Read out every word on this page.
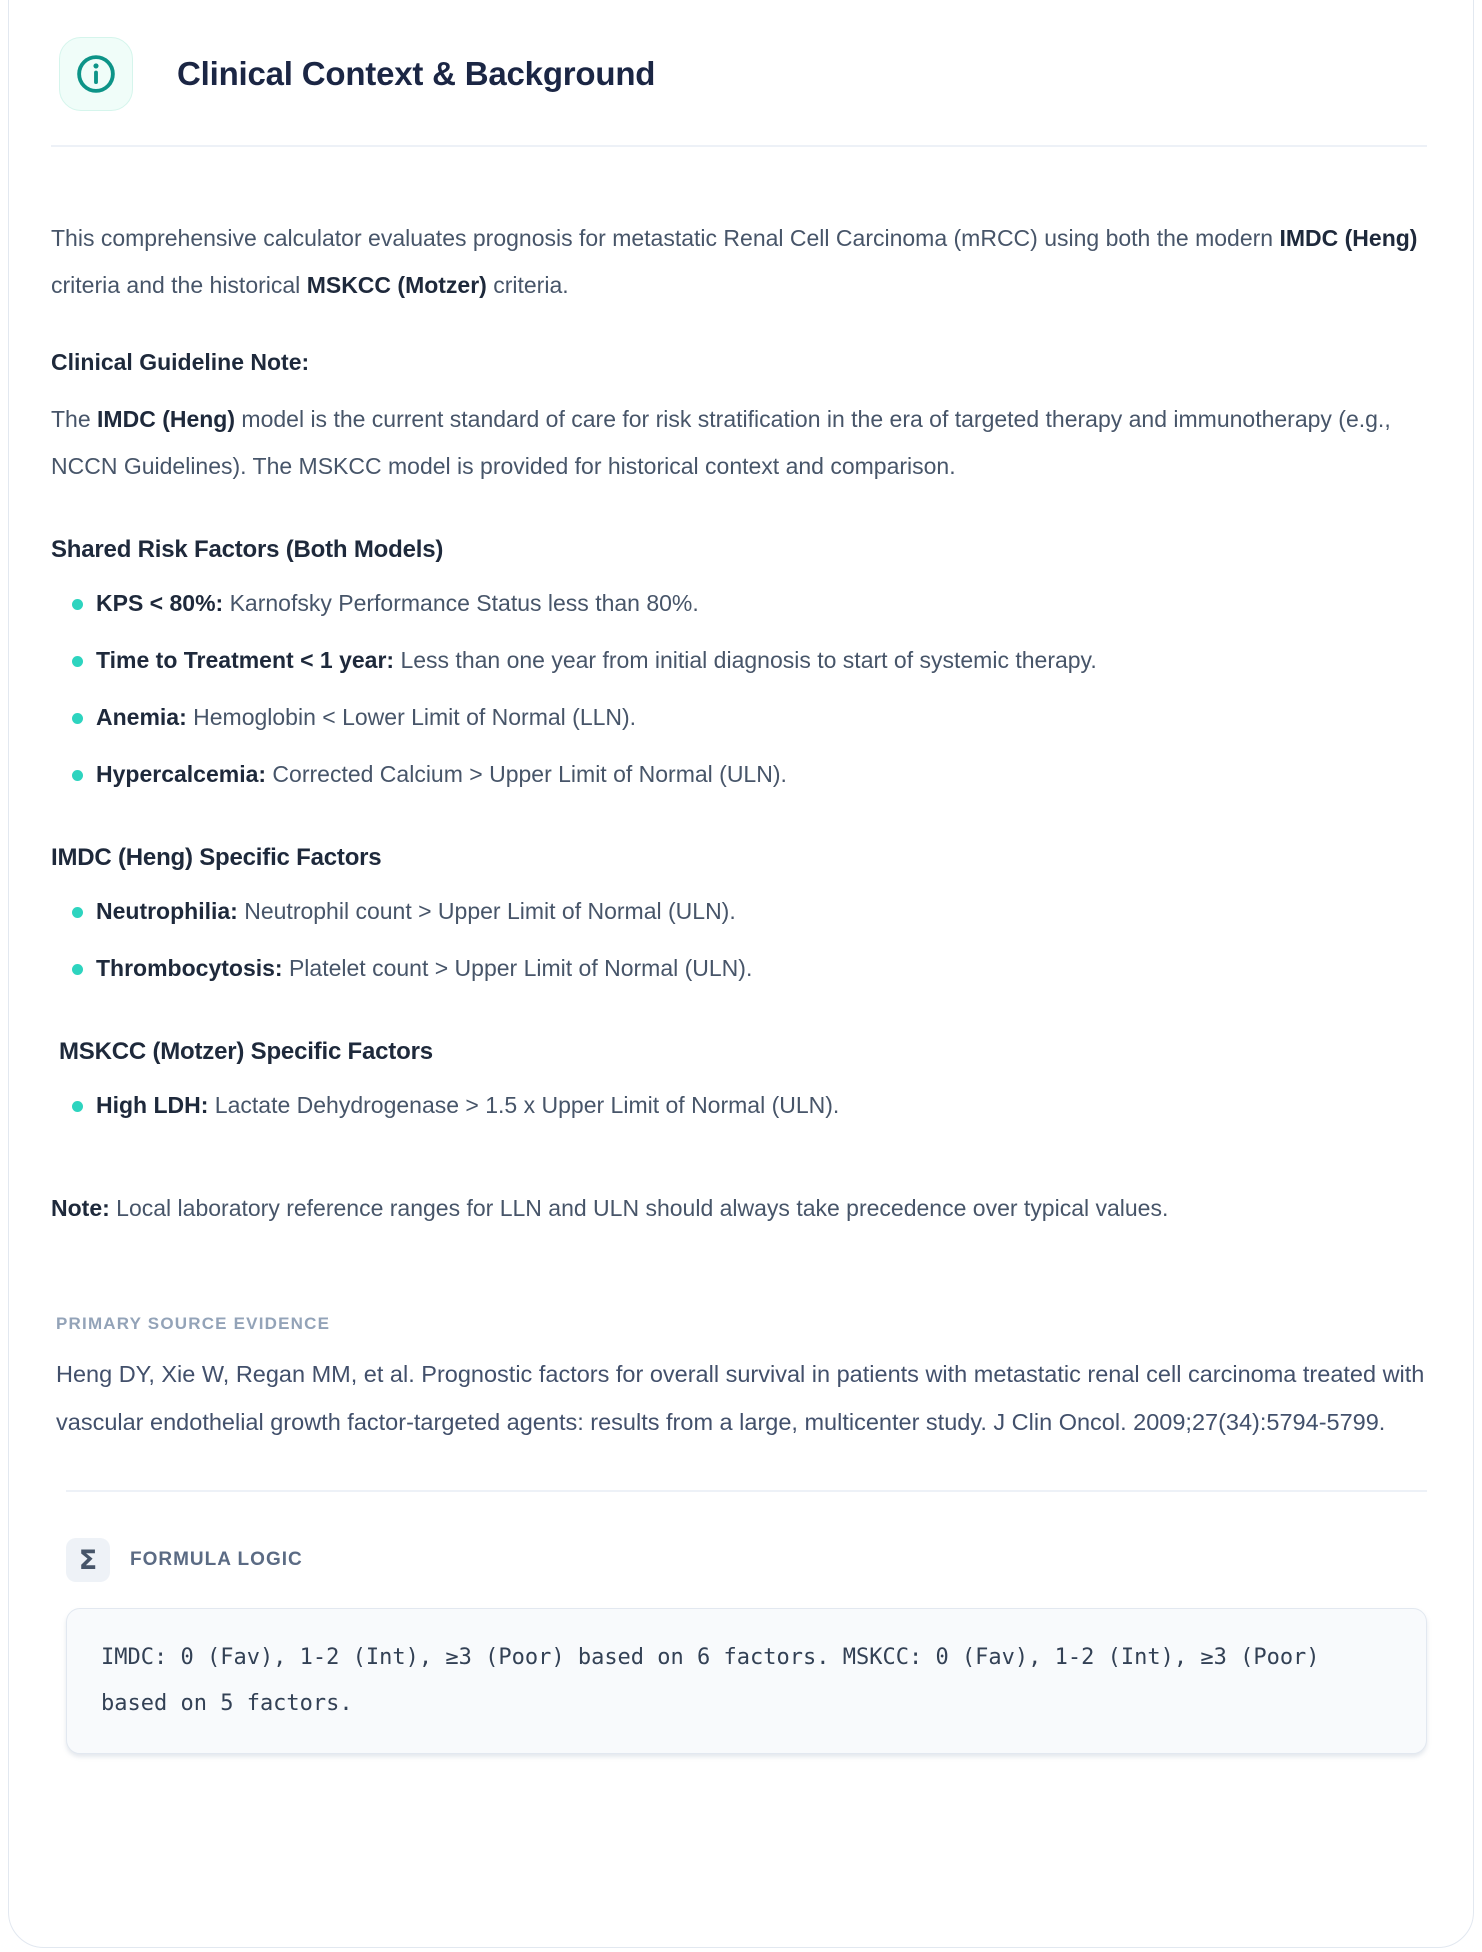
Clinical Context & Background

This comprehensive calculator evaluates prognosis for metastatic Renal Cell Carcinoma (mRCC) using both the modern IMDC (Heng) criteria and the historical MSKCC (Motzer) criteria.

Clinical Guideline Note:

The IMDC (Heng) model is the current standard of care for risk stratification in the era of targeted therapy and immunotherapy (e.g., NCCN Guidelines). The MSKCC model is provided for historical context and comparison.

Shared Risk Factors (Both Models)
KPS < 80%: Karnofsky Performance Status less than 80%.
Time to Treatment < 1 year: Less than one year from initial diagnosis to start of systemic therapy.
Anemia: Hemoglobin < Lower Limit of Normal (LLN).
Hypercalcemia: Corrected Calcium > Upper Limit of Normal (ULN).
IMDC (Heng) Specific Factors
Neutrophilia: Neutrophil count > Upper Limit of Normal (ULN).
Thrombocytosis: Platelet count > Upper Limit of Normal (ULN).
MSKCC (Motzer) Specific Factors
High LDH: Lactate Dehydrogenase > 1.5 x Upper Limit of Normal (ULN).

Note: Local laboratory reference ranges for LLN and ULN should always take precedence over typical values.

PRIMARY SOURCE EVIDENCE

Heng DY, Xie W, Regan MM, et al. Prognostic factors for overall survival in patients with metastatic renal cell carcinoma treated with vascular endothelial growth factor-targeted agents: results from a large, multicenter study. J Clin Oncol. 2009;27(34):5794-5799.

Σ	FORMULA LOGIC
IMDC: 0 (Fav), 1-2 (Int), ≥3 (Poor) based on 6 factors. MSKCC: 0 (Fav), 1-2 (Int), ≥3 (Poor) based on 5 factors.
